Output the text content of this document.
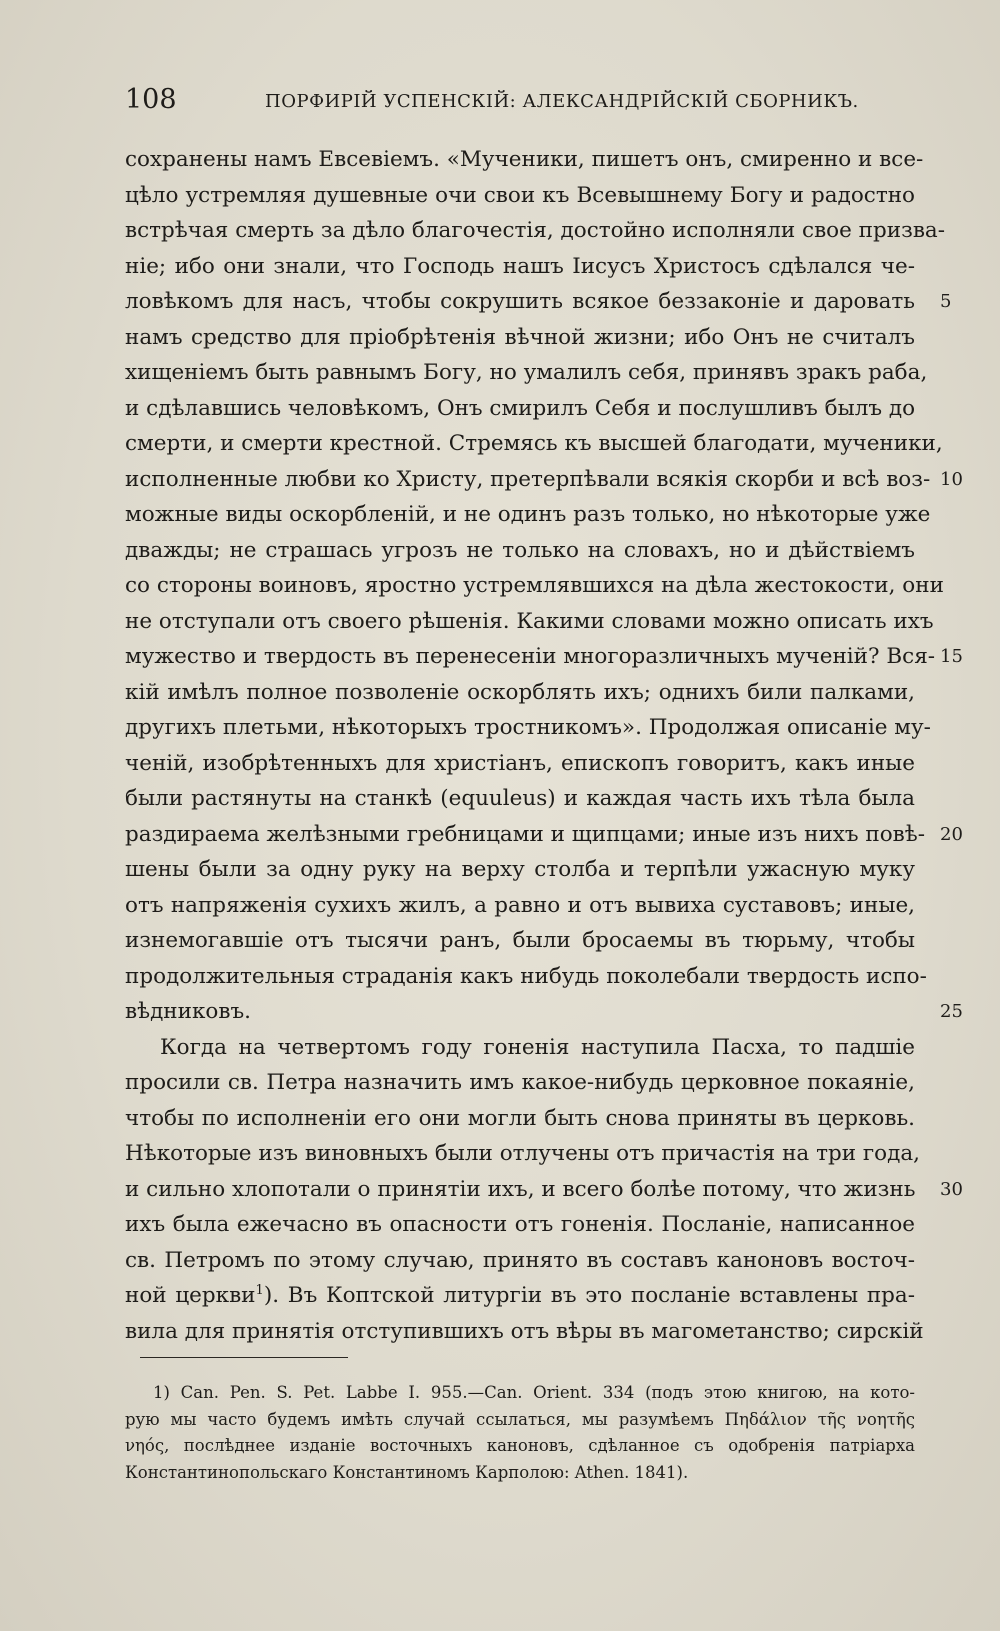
108	ПОРФИРІЙ УСПЕНСКІЙ: АЛЕКСАНДРІЙСКІЙ СБОРНИКЪ.
сохранены намъ Евсевіемъ. «Мученики, пишетъ онъ, смиренно и все-
цѣло устремляя душевные очи свои къ Всевышнему Богу и радостно
встрѣчая смерть за дѣло благочестія, достойно исполняли свое призва-
ніе; ибо они знали, что Господь нашъ Іисусъ Христосъ сдѣлался че-
ловѣкомъ для насъ, чтобы сокрушить всякое беззаконіе и даровать 5
намъ средство для пріобрѣтенія вѣчной жизни; ибо Онъ не считалъ
хищеніемъ быть равнымъ Богу, но умалилъ себя, принявъ зракъ раба,
и сдѣлавшись человѣкомъ, Онъ смирилъ Себя и послушливъ былъ до
смерти, и смерти крестной. Стремясь къ высшей благодати, мученики,
исполненные любви ко Христу, претерпѣвали всякія скорби и всѣ воз- 10
можные виды оскорбленій, и не одинъ разъ только, но нѣкоторые уже
дважды; не страшась угрозъ не только на словахъ, но и дѣйствіемъ
со стороны воиновъ, яростно устремлявшихся на дѣла жестокости, они
не отступали отъ своего рѣшенія. Какими словами можно описать ихъ
мужество и твердость въ перенесеніи многоразличныхъ мученій? Вся- 15
кій имѣлъ полное позволеніе оскорблять ихъ; однихъ били палками,
другихъ плетьми, нѣкоторыхъ тростникомъ». Продолжая описаніе му-
ченій, изобрѣтенныхъ для христіанъ, епископъ говоритъ, какъ иные
были растянуты на станкѣ (equuleus) и каждая часть ихъ тѣла была
раздираема желѣзными гребницами и щипцами; иные изъ нихъ повѣ- 20
шены были за одну руку на верху столба и терпѣли ужасную муку
отъ напряженія сухихъ жилъ, а равно и отъ вывиха суставовъ; иные,
изнемогавшіе отъ тысячи ранъ, были бросаемы въ тюрьму, чтобы
продолжительныя страданія какъ нибудь поколебали твердость испо-
вѣдниковъ.	25
Когда на четвертомъ году гоненія наступила Пасха, то падшіе
просили св. Петра назначить имъ какое-нибудь церковное покаяніе,
чтобы по исполненіи его они могли быть снова приняты въ церковь.
Нѣкоторые изъ виновныхъ были отлучены отъ причастія на три года,
и сильно хлопотали о принятіи ихъ, и всего болѣе потому, что жизнь 30
ихъ была ежечасно въ опасности отъ гоненія. Посланіе, написанное
св. Петромъ по этому случаю, принято въ составъ каноновъ восточ-
ной церкви$^1$). Въ Коптской литургіи въ это посланіе вставлены пра-
вила для принятія отступившихъ отъ вѣры въ магометанство; сирскій
1) Can. Pen. S. Pet. Labbe I. 955.—Can. Orient. 334 (подъ этою книгою, на кото-
рую мы часто будемъ имѣть случай ссылаться, мы разумѣемъ Πηδάλιον τῆς νοητῆς
νηός, послѣднее изданіе восточныхъ каноновъ, сдѣланное съ одобренія патріарха
Константинопольскаго Константиномъ Карполою: Athen. 1841).
